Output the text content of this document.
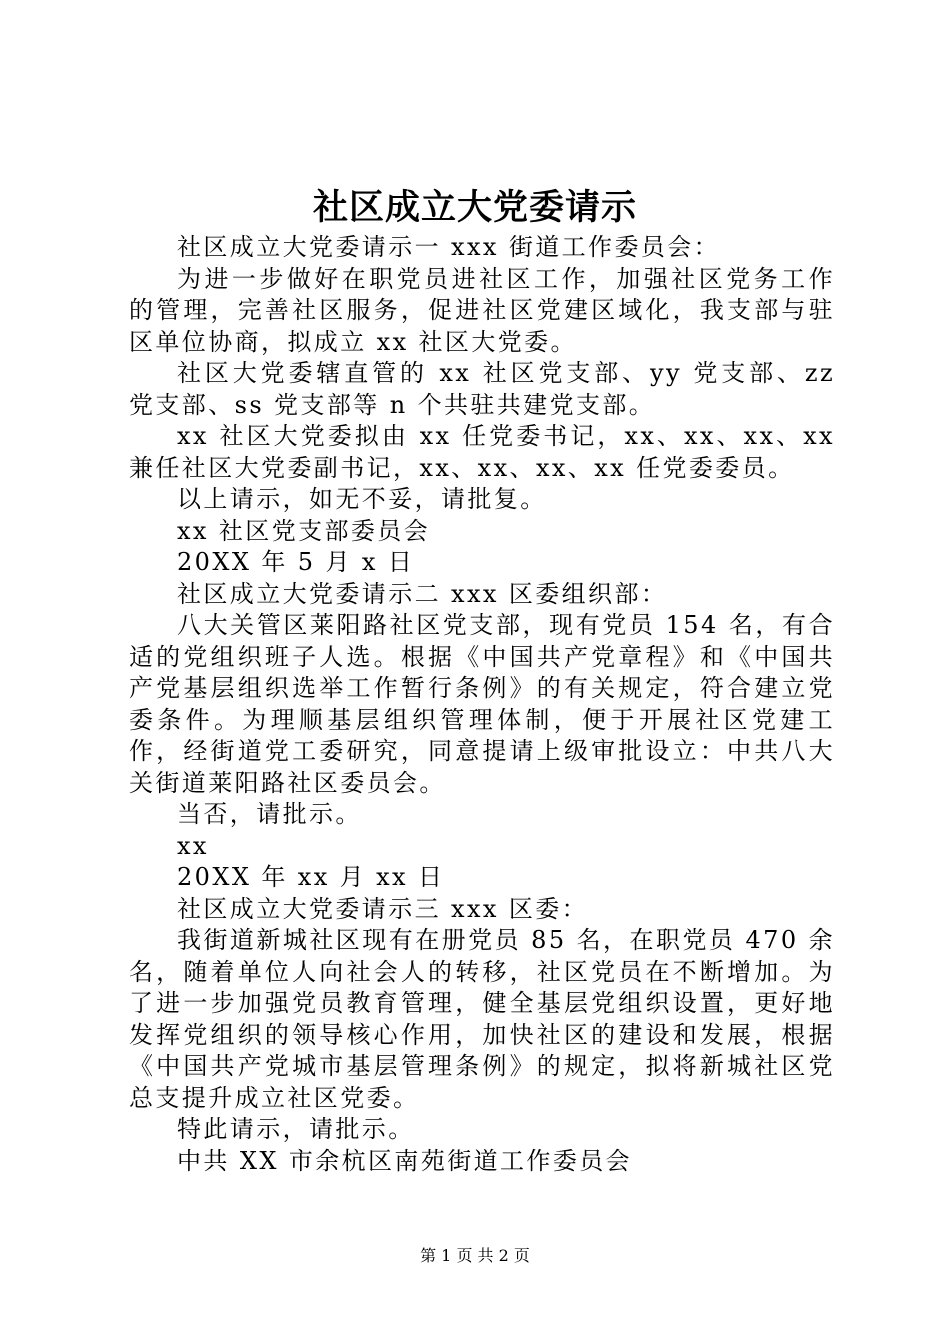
社区成立大党委请示

社区成立大党委请示一 xxx 街道工作委员会：

为进一步做好在职党员进社区工作，加强社区党务工作的管理，完善社区服务，促进社区党建区域化，我支部与驻区单位协商，拟成立 xx 社区大党委。

社区大党委辖直管的 xx 社区党支部、yy 党支部、zz 党支部、ss 党支部等 n 个共驻共建党支部。

xx 社区大党委拟由 xx 任党委书记，xx、xx、xx、xx 兼任社区大党委副书记，xx、xx、xx、xx 任党委委员。

以上请示，如无不妥，请批复。

xx 社区党支部委员会

20XX 年 5 月 x 日

社区成立大党委请示二 xxx 区委组织部：

八大关管区莱阳路社区党支部，现有党员 154 名，有合适的党组织班子人选。根据《中国共产党章程》和《中国共产党基层组织选举工作暂行条例》的有关规定，符合建立党委条件。为理顺基层组织管理体制，便于开展社区党建工作，经街道党工委研究，同意提请上级审批设立：中共八大关街道莱阳路社区委员会。

当否，请批示。

xx

20XX 年 xx 月 xx 日

社区成立大党委请示三 xxx 区委：

我街道新城社区现有在册党员 85 名，在职党员 470 余名，随着单位人向社会人的转移，社区党员在不断增加。为了进一步加强党员教育管理，健全基层党组织设置，更好地发挥党组织的领导核心作用，加快社区的建设和发展，根据《中国共产党城市基层管理条例》的规定，拟将新城社区党总支提升成立社区党委。

特此请示，请批示。

中共 XX 市余杭区南苑街道工作委员会

第 1 页 共 2 页
